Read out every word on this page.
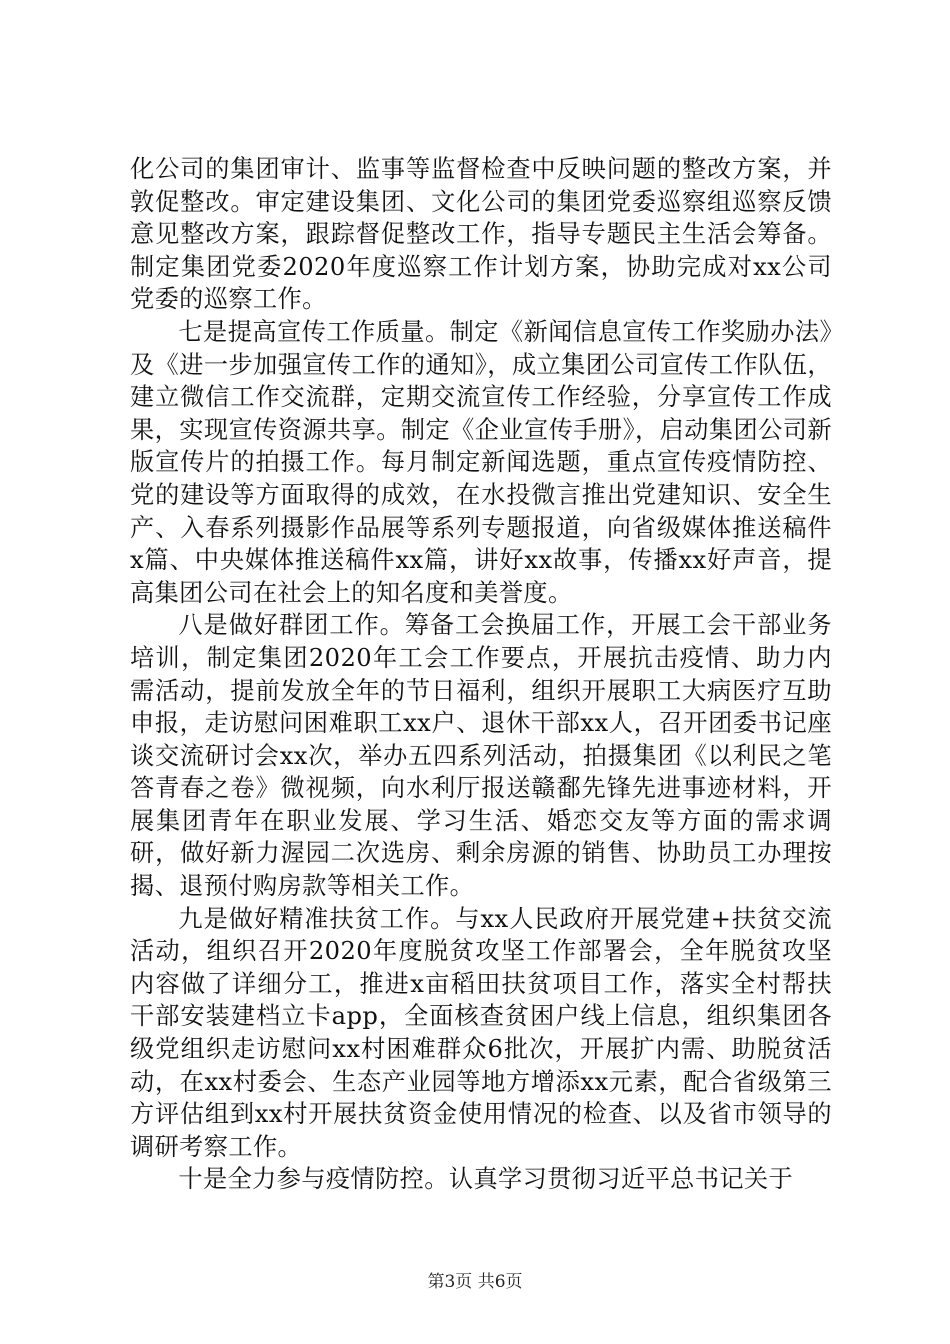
化公司的集团审计、监事等监督检查中反映问题的整改方案，并敦促整改。审定建设集团、文化公司的集团党委巡察组巡察反馈意见整改方案，跟踪督促整改工作，指导专题民主生活会筹备。制定集团党委2020年度巡察工作计划方案，协助完成对xx公司党委的巡察工作。

七是提高宣传工作质量。制定《新闻信息宣传工作奖励办法》及《进一步加强宣传工作的通知》，成立集团公司宣传工作队伍，建立微信工作交流群，定期交流宣传工作经验，分享宣传工作成果，实现宣传资源共享。制定《企业宣传手册》，启动集团公司新版宣传片的拍摄工作。每月制定新闻选题，重点宣传疫情防控、党的建设等方面取得的成效，在水投微言推出党建知识、安全生产、入春系列摄影作品展等系列专题报道，向省级媒体推送稿件x篇、中央媒体推送稿件xx篇，讲好xx故事，传播xx好声音，提高集团公司在社会上的知名度和美誉度。

八是做好群团工作。筹备工会换届工作，开展工会干部业务培训，制定集团2020年工会工作要点，开展抗击疫情、助力内需活动，提前发放全年的节日福利，组织开展职工大病医疗互助申报，走访慰问困难职工xx户、退休干部xx人，召开团委书记座谈交流研讨会xx次，举办五四系列活动，拍摄集团《以利民之笔答青春之卷》微视频，向水利厅报送赣鄱先锋先进事迹材料，开展集团青年在职业发展、学习生活、婚恋交友等方面的需求调研，做好新力渥园二次选房、剩余房源的销售、协助员工办理按揭、退预付购房款等相关工作。

九是做好精准扶贫工作。与xx人民政府开展党建+扶贫交流活动，组织召开2020年度脱贫攻坚工作部署会，全年脱贫攻坚内容做了详细分工，推进x亩稻田扶贫项目工作，落实全村帮扶干部安装建档立卡app，全面核查贫困户线上信息，组织集团各级党组织走访慰问xx村困难群众6批次，开展扩内需、助脱贫活动，在xx村委会、生态产业园等地方增添xx元素，配合省级第三方评估组到xx村开展扶贫资金使用情况的检查、以及省市领导的调研考察工作。

十是全力参与疫情防控。认真学习贯彻习近平总书记关于

第3页 共6页
